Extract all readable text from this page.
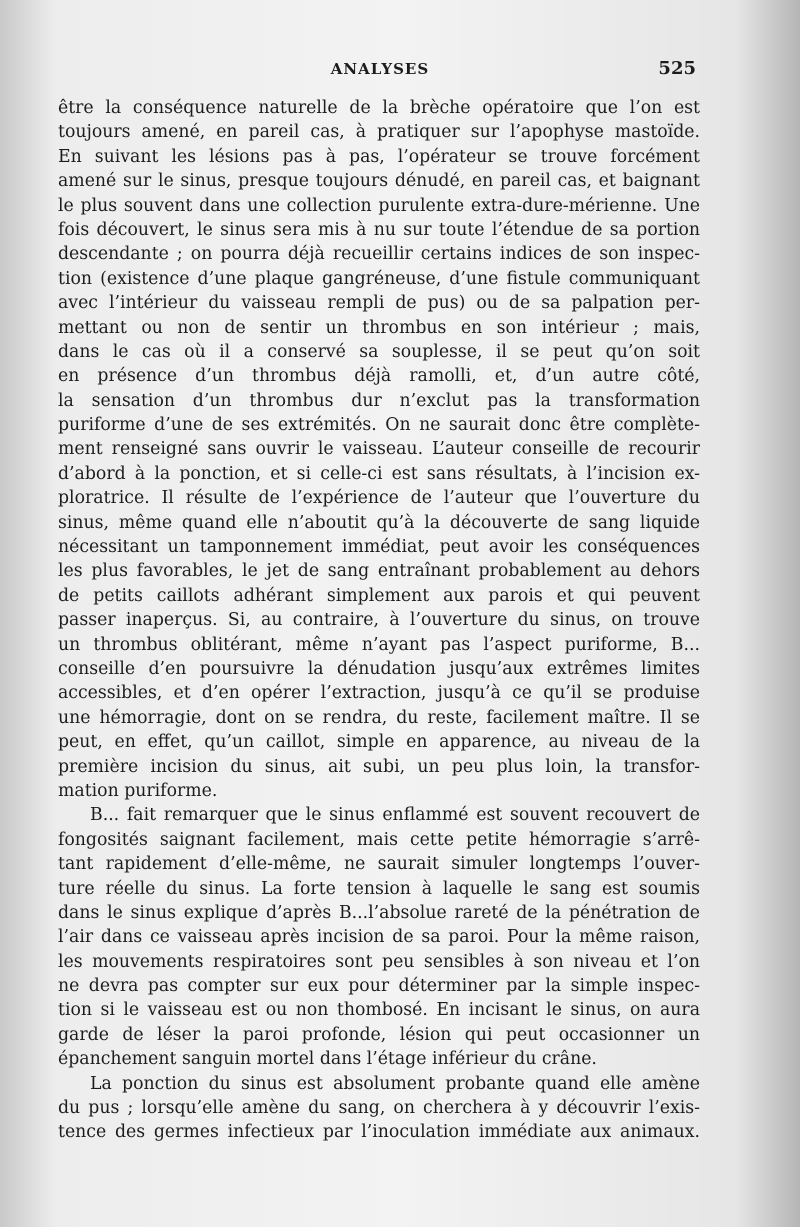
ANALYSES	525
être la conséquence naturelle de la brèche opératoire que l’on est
toujours amené, en pareil cas, à pratiquer sur l’apophyse mastoïde.
En suivant les lésions pas à pas, l’opérateur se trouve forcément
amené sur le sinus, presque toujours dénudé, en pareil cas, et baignant
le plus souvent dans une collection purulente extra-dure-mérienne. Une
fois découvert, le sinus sera mis à nu sur toute l’étendue de sa portion
descendante ; on pourra déjà recueillir certains indices de son inspec-
tion (existence d’une plaque gangréneuse, d’une fistule communiquant
avec l’intérieur du vaisseau rempli de pus) ou de sa palpation per-
mettant ou non de sentir un thrombus en son intérieur ; mais,
dans le cas où il a conservé sa souplesse, il se peut qu’on soit
en présence d’un thrombus déjà ramolli, et, d’un autre côté,
la sensation d’un thrombus dur n’exclut pas la transformation
puriforme d’une de ses extrémités. On ne saurait donc être complète-
ment renseigné sans ouvrir le vaisseau. L’auteur conseille de recourir
d’abord à la ponction, et si celle-ci est sans résultats, à l’incision ex-
ploratrice. Il résulte de l’expérience de l’auteur que l’ouverture du
sinus, même quand elle n’aboutit qu’à la découverte de sang liquide
nécessitant un tamponnement immédiat, peut avoir les conséquences
les plus favorables, le jet de sang entraînant probablement au dehors
de petits caillots adhérant simplement aux parois et qui peuvent
passer inaperçus. Si, au contraire, à l’ouverture du sinus, on trouve
un thrombus oblitérant, même n’ayant pas l’aspect puriforme, B...
conseille d’en poursuivre la dénudation jusqu’aux extrêmes limites
accessibles, et d’en opérer l’extraction, jusqu’à ce qu’il se produise
une hémorragie, dont on se rendra, du reste, facilement maître. Il se
peut, en effet, qu’un caillot, simple en apparence, au niveau de la
première incision du sinus, ait subi, un peu plus loin, la transfor-
mation puriforme.
B... fait remarquer que le sinus enflammé est souvent recouvert de
fongosités saignant facilement, mais cette petite hémorragie s’arrê-
tant rapidement d’elle-même, ne saurait simuler longtemps l’ouver-
ture réelle du sinus. La forte tension à laquelle le sang est soumis
dans le sinus explique d’après B...l’absolue rareté de la pénétration de
l’air dans ce vaisseau après incision de sa paroi. Pour la même raison,
les mouvements respiratoires sont peu sensibles à son niveau et l’on
ne devra pas compter sur eux pour déterminer par la simple inspec-
tion si le vaisseau est ou non thombosé. En incisant le sinus, on aura
garde de léser la paroi profonde, lésion qui peut occasionner un
épanchement sanguin mortel dans l’étage inférieur du crâne.
La ponction du sinus est absolument probante quand elle amène
du pus ; lorsqu’elle amène du sang, on cherchera à y découvrir l’exis-
tence des germes infectieux par l’inoculation immédiate aux animaux.
